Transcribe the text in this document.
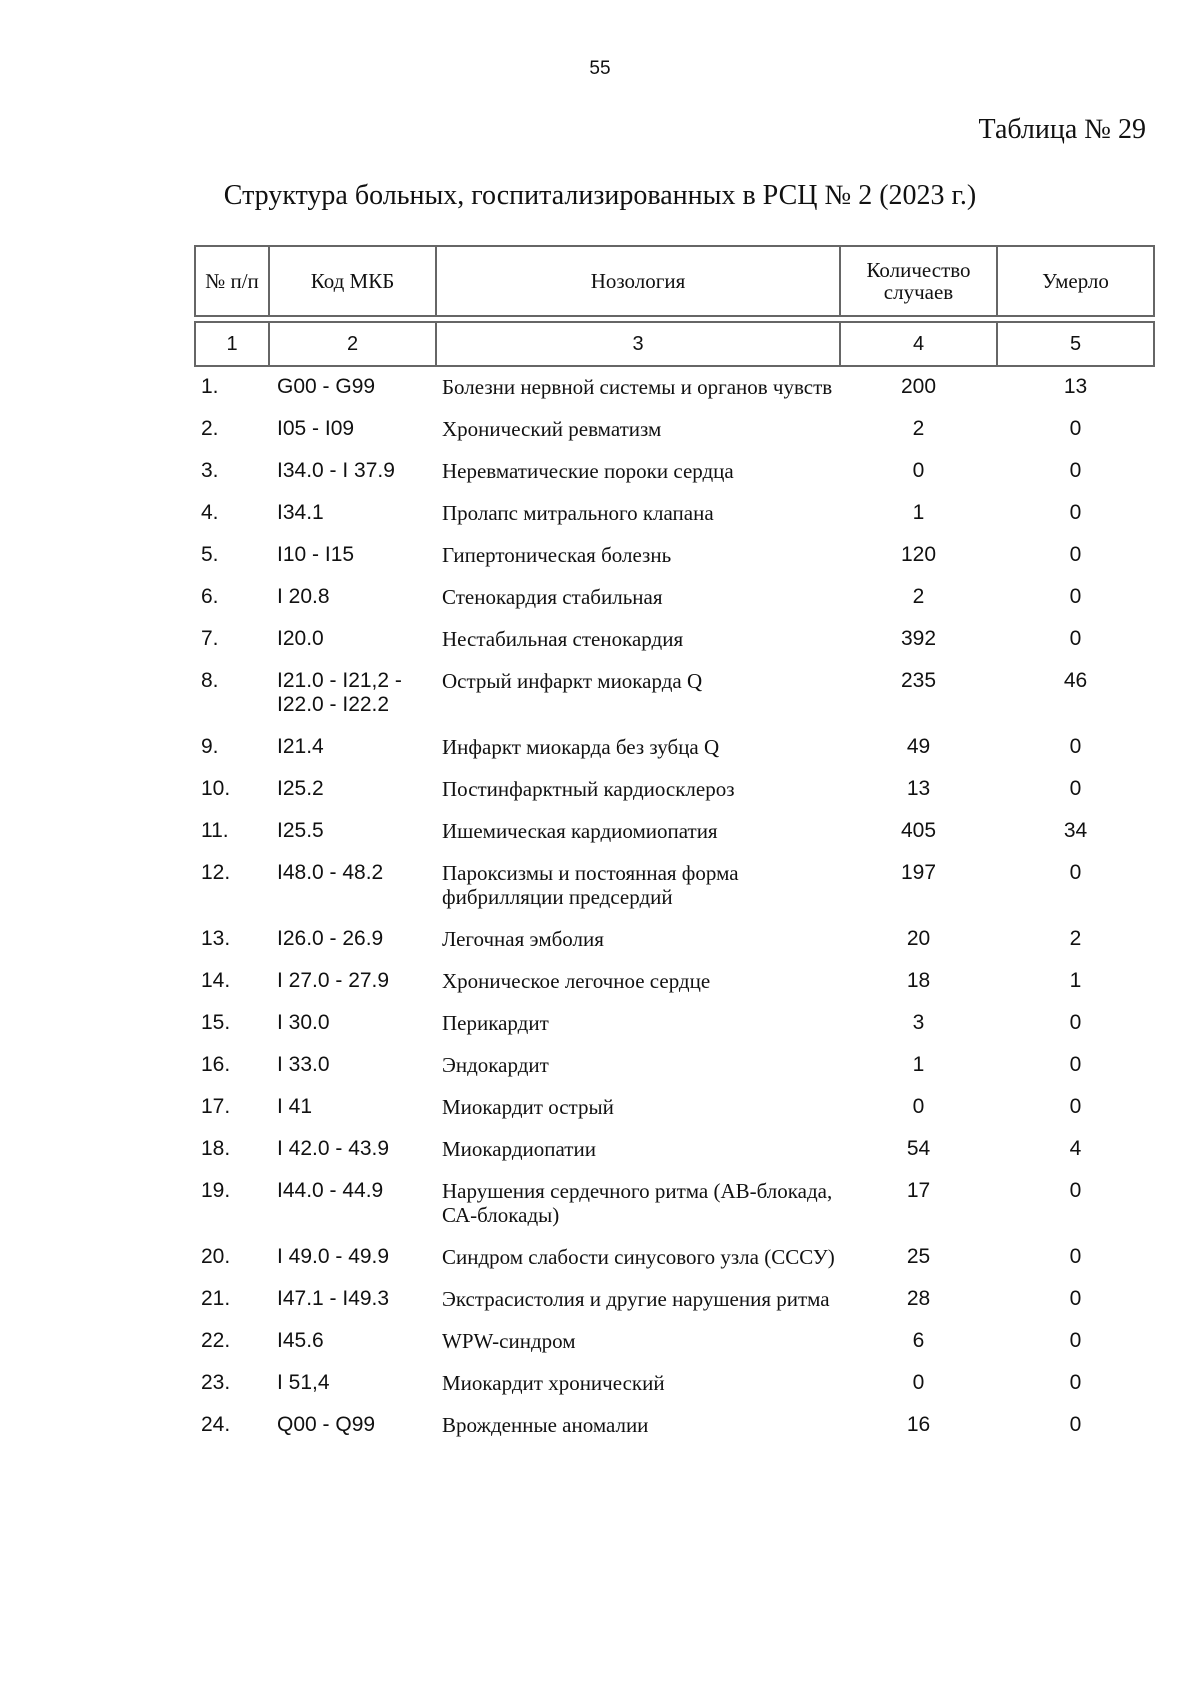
55
Таблица № 29
Структура больных, госпитализированных в РСЦ № 2 (2023 г.)
№ п/п	Код МКБ	Нозология	Количество случаев	Умерло

1	2	3	4	5
1.	G00 - G99	Болезни нервной системы и органов чувств	200	13
2.	I05 - I09	Хронический ревматизм	2	0
3.	I34.0 - I 37.9	Неревматические пороки сердца	0	0
4.	I34.1	Пролапс митрального клапана	1	0
5.	I10 - I15	Гипертоническая болезнь	120	0
6.	I 20.8	Стенокардия стабильная	2	0
7.	I20.0	Нестабильная стенокардия	392	0
8.	I21.0 - I21,2 - I22.0 - I22.2	Острый инфаркт миокарда Q	235	46
9.	I21.4	Инфаркт миокарда без зубца Q	49	0
10.	I25.2	Постинфарктный кардиосклероз	13	0
11.	I25.5	Ишемическая кардиомиопатия	405	34
12.	I48.0 - 48.2	Пароксизмы и постоянная форма фибрилляции предсердий	197	0
13.	I26.0 - 26.9	Легочная эмболия	20	2
14.	I 27.0 - 27.9	Хроническое легочное сердце	18	1
15.	I 30.0	Перикардит	3	0
16.	I 33.0	Эндокардит	1	0
17.	I 41	Миокардит острый	0	0
18.	I 42.0 - 43.9	Миокардиопатии	54	4
19.	I44.0 - 44.9	Нарушения сердечного ритма (АВ-блокада, СА-блокады)	17	0
20.	I 49.0 - 49.9	Синдром слабости синусового узла (СССУ)	25	0
21.	I47.1 - I49.3	Экстрасистолия и другие нарушения ритма	28	0
22.	I45.6	WPW-синдром	6	0
23.	I 51,4	Миокардит хронический	0	0
24.	Q00 - Q99	Врожденные аномалии	16	0
